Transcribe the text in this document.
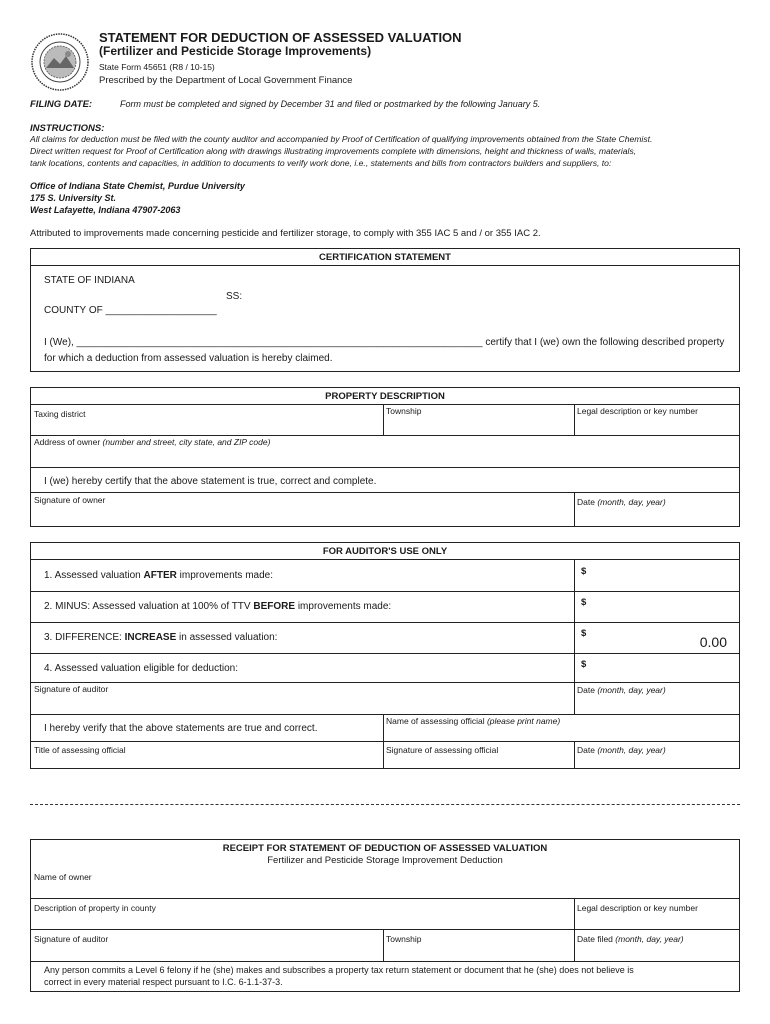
STATEMENT FOR DEDUCTION OF ASSESSED VALUATION
(Fertilizer and Pesticide Storage Improvements)
State Form 45651 (R8 / 10-15)
Prescribed by the Department of Local Government Finance
FILING DATE:	Form must be completed and signed by December 31 and filed or postmarked by the following January 5.
INSTRUCTIONS:
All claims for deduction must be filed with the county auditor and accompanied by Proof of Certification of qualifying improvements obtained from the State Chemist.
Direct written request for Proof of Certification along with drawings illustrating improvements complete with dimensions, height and thickness of walls, materials,
tank locations, contents and capacities, in addition to documents to verify work done, i.e., statements and bills from contractors builders and suppliers, to:
Office of Indiana State Chemist, Purdue University
175 S. University St.
West Lafayette, Indiana 47907-2063
Attributed to improvements made concerning pesticide and fertilizer storage, to comply with 355 IAC 5 and / or 355 IAC 2.
CERTIFICATION STATEMENT
STATE OF INDIANA
SS:
COUNTY OF ____________________
I (We), _________________________________________________________________________ certify that I (we) own the following described property
for which a deduction from assessed valuation is hereby claimed.
PROPERTY DESCRIPTION
Taxing district	Township	Legal description or key number
Address of owner (number and street, city state, and ZIP code)
I (we) hereby certify that the above statement is true, correct and complete.
Signature of owner	Date (month, day, year)
FOR AUDITOR'S USE ONLY
1. Assessed valuation AFTER improvements made:	$
2. MINUS: Assessed valuation at 100% of TTV BEFORE improvements made:	$
3. DIFFERENCE: INCREASE in assessed valuation:	$
0.00
4. Assessed valuation eligible for deduction:	$
Signature of auditor	Date (month, day, year)
I hereby verify that the above statements are true and correct.
Name of assessing official (please print name)
Title of assessing official	Signature of assessing official	Date (month, day, year)
RECEIPT FOR STATEMENT OF DEDUCTION OF ASSESSED VALUATION
Fertilizer and Pesticide Storage Improvement Deduction
Name of owner
Description of property in county	Legal description or key number
Signature of auditor	Township	Date filed (month, day, year)
Any person commits a Level 6 felony if he (she) makes and subscribes a property tax return statement or document that he (she) does not believe is
correct in every material respect pursuant to I.C. 6-1.1-37-3.
